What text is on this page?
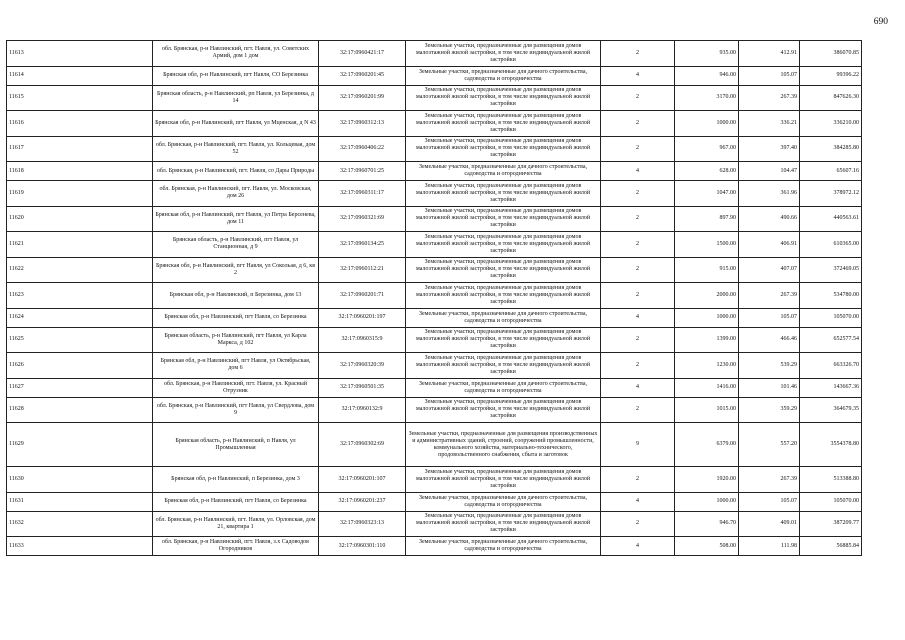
690
11613	обл. Брянская, р-н Навлинский, пгт. Навля, ул. Советских Армий, дом 1 дом	32:17:0960421:17	Земельные участки, предназначенные для размещения домов малоэтажной жилой застройки, в том числе индивидуальной жилой застройки	2	935.00	412.91	386070.85
11614	Брянская обл, р-н Навлинский, пгт Навля, СО Березинка	32:17:0960201:45	Земельные участки, предназначенные для дачного строительства, садоводства и огородничества	4	946.00	105.07	99396.22
11615	Брянская область, р-н Навлинский, рп Навля, ул Березинка, д 14	32:17:0960201:99	Земельные участки, предназначенные для размещения домов малоэтажной жилой застройки, в том числе индивидуальной жилой застройки	2	3170.00	267.39	847626.30
11616	Брянская обл, р-н Навлинский, пгт Навля, ул Мценская, д N 43	32:17:0960312:13	Земельные участки, предназначенные для размещения домов малоэтажной жилой застройки, в том числе индивидуальной жилой застройки	2	1000.00	336.21	336210.00
11617	обл. Брянская, р-н Навлинский, пгт. Навля, ул. Кольцевая, дом 52	32:17:0960406:22	Земельные участки, предназначенные для размещения домов малоэтажной жилой застройки, в том числе индивидуальной жилой застройки	2	967.00	397.40	384285.80
11618	обл. Брянская, р-н Навлинский, пгт. Навля, со Дары Природы	32:17:0960701:25	Земельные участки, предназначенные для дачного строительства, садоводства и огородничества	4	628.00	104.47	65607.16
11619	обл. Брянская, р-н Навлинский, пгт. Навля, ул. Московская, дом 26	32:17:0960311:17	Земельные участки, предназначенные для размещения домов малоэтажной жилой застройки, в том числе индивидуальной жилой застройки	2	1047.00	361.96	378972.12
11620	Брянская обл, р-н Навлинский, пгт Навля, ул Петра Берсенева, дом 11	32:17:0960321:69	Земельные участки, предназначенные для размещения домов малоэтажной жилой застройки, в том числе индивидуальной жилой застройки	2	897.90	490.66	440563.61
11621	Брянская область, р-н Навлинский, пгт Навля, ул Станционная, д 9	32:17:0960134:25	Земельные участки, предназначенные для размещения домов малоэтажной жилой застройки, в том числе индивидуальной жилой застройки	2	1500.00	406.91	610365.00
11622	Брянская обл, р-н Навлинский, пгт Навля, ул Сокольая, д 6, кв 2	32:17:0960112:21	Земельные участки, предназначенные для размещения домов малоэтажной жилой застройки, в том числе индивидуальной жилой застройки	2	915.00	407.07	372469.05
11623	Брянская обл, р-н Навлинский, п Березинка, дом 13	32:17:0960201:71	Земельные участки, предназначенные для размещения домов малоэтажной жилой застройки, в том числе индивидуальной жилой застройки	2	2000.00	267.39	534780.00
11624	Брянская обл, р-н Навлинский, пгт Навля, со Березинка	32:17:0960201:197	Земельные участки, предназначенные для дачного строительства, садоводства и огородничества	4	1000.00	105.07	105070.00
11625	Брянская область, р-н Навлинский, пгт Навля, ул Карла Маркса, д 102	32:17:0960315:9	Земельные участки, предназначенные для размещения домов малоэтажной жилой застройки, в том числе индивидуальной жилой застройки	2	1399.00	466.46	652577.54
11626	Брянская обл, р-н Навлинский, пгт Навля, ул Октябрьская, дом 6	32:17:0960320:39	Земельные участки, предназначенные для размещения домов малоэтажной жилой застройки, в том числе индивидуальной жилой застройки	2	1230.00	539.29	663326.70
11627	обл. Брянская, р-н Навлинский, пгт. Навля, ул. Красный Отрузник	32:17:0960501:35	Земельные участки, предназначенные для дачного строительства, садоводства и огородничества	4	1416.00	101.46	143667.36
11628	обл. Брянская, р-н Навлинский, пгт Навля, ул Свердлова, дом 9	32:17:0960132:9	Земельные участки, предназначенные для размещения домов малоэтажной жилой застройки, в том числе индивидуальной жилой застройки	2	1015.00	359.29	364679.35
11629	Брянская область, р-н Навлинский, п Навля, ул Промышленная	32:17:0960302:69	Земельные участки, предназначенные для размещения производственных и административных зданий, строений, сооружений промышленности, коммунального хозяйства, материально-технического, продовольственного снабжения, сбыта и заготовок	9	6379.00	557.20	3554378.80
11630	Брянская обл, р-н Навлинский, п Березинка, дом 3	32:17:0960201:107	Земельные участки, предназначенные для размещения домов малоэтажной жилой застройки, в том числе индивидуальной жилой застройки	2	1920.00	267.39	513388.80
11631	Брянская обл, р-н Навлинский, пгт Навля, со Березинка	32:17:0960201:237	Земельные участки, предназначенные для дачного строительства, садоводства и огородничества	4	1000.00	105.07	105070.00
11632	обл. Брянская, р-н Навлинский, пгт. Навля, ул. Орловская, дом 21, квартира 1	32:17:0960323:13	Земельные участки, предназначенные для размещения домов малоэтажной жилой застройки, в том числе индивидуальной жилой застройки	2	946.70	409.01	387209.77
11633	обл. Брянская, р-н Навлинский, пгт. Навля, з.х Садоводов Огородников	32:17:0960301:110	Земельные участки, предназначенные для дачного строительства, садоводства и огородничества	4	508.00	111.98	56885.84
